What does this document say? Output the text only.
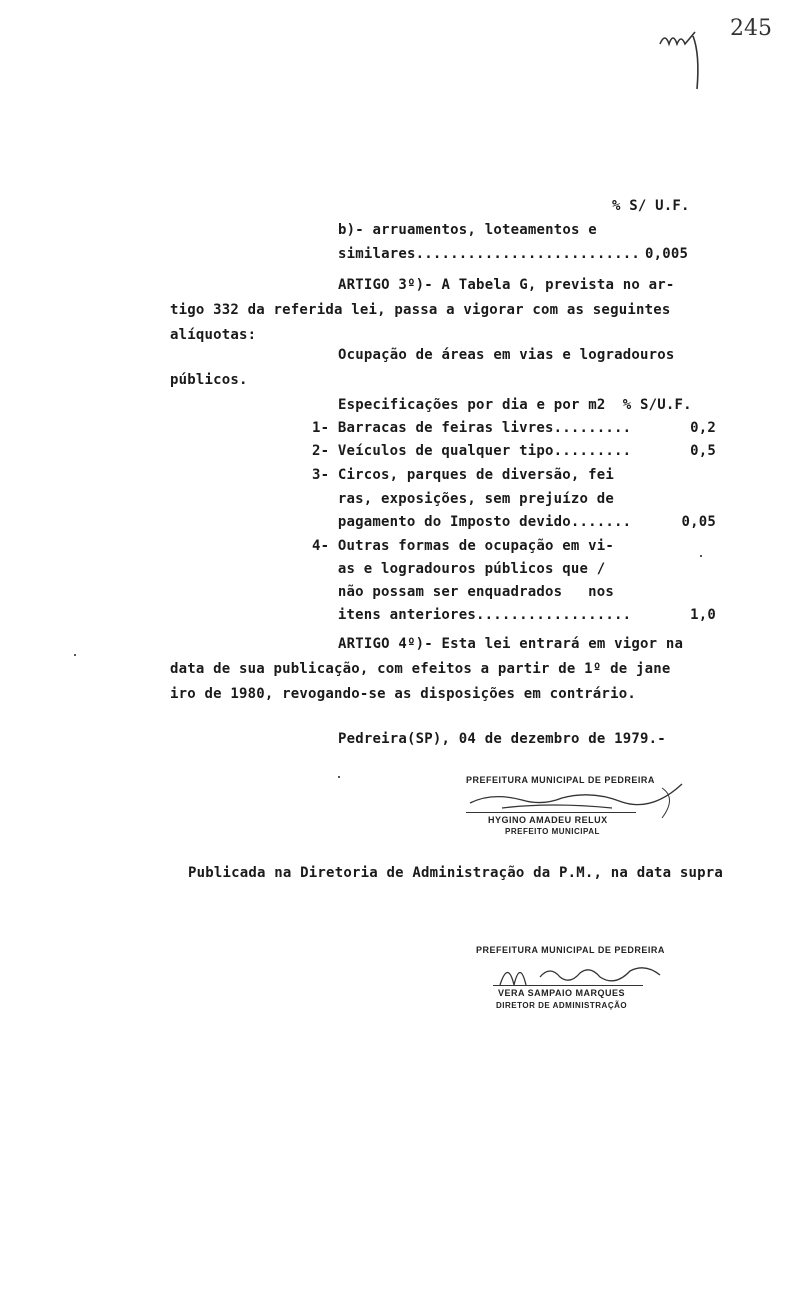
245
% S/ U.F.
b)- arruamentos, loteamentos e
similares.......................... 0,005
ARTIGO 3º)- A Tabela G, prevista no ar-
tigo 332 da referida lei, passa a vigorar com as seguintes
alíquotas:
Ocupação de áreas em vias e logradouros
públicos.
Especificações por dia e por m2  % S/U.F.
1- Barracas de feiras livres.........	0,2
2- Veículos de qualquer tipo.........	0,5
3- Circos, parques de diversão, fei
ras, exposições, sem prejuízo de
pagamento do Imposto devido.......	0,05
4- Outras formas de ocupação em vi-
as e logradouros públicos que /
não possam ser enquadrados   nos
itens anteriores..................	1,0
ARTIGO 4º)- Esta lei entrará em vigor na
data de sua publicação, com efeitos a partir de 1º de jane
iro de 1980, revogando-se as disposições em contrário.
Pedreira(SP), 04 de dezembro de 1979.-
PREFEITURA MUNICIPAL DE PEDREIRA
HYGINO AMADEU RELUX
PREFEITO MUNICIPAL
Publicada na Diretoria de Administração da P.M., na data supra
PREFEITURA MUNICIPAL DE PEDREIRA
VERA SAMPAIO MARQUES
DIRETOR DE ADMINISTRAÇÃO
